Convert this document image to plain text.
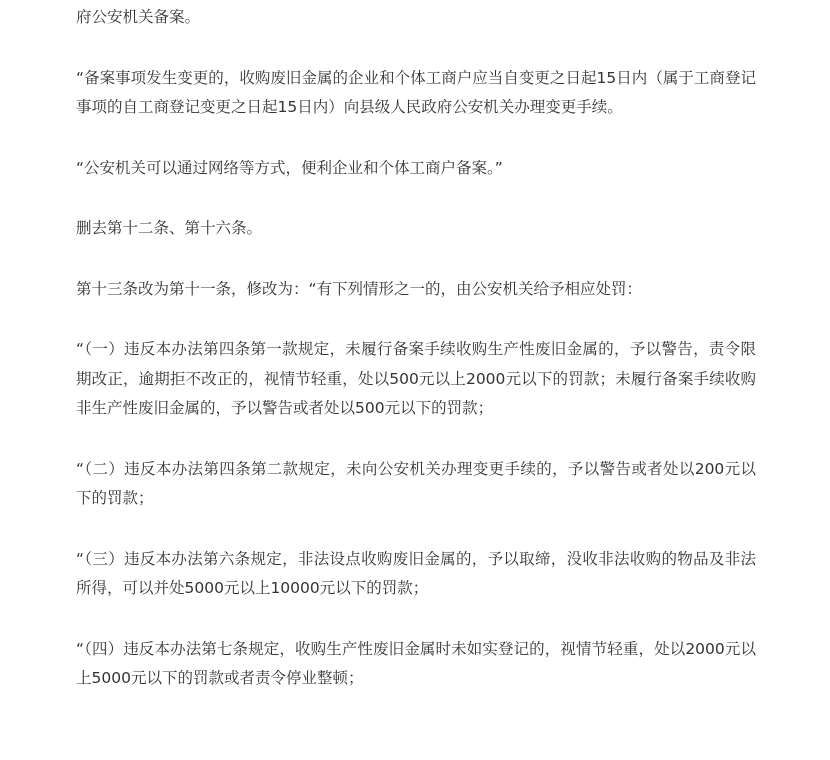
府公安机关备案。

“备案事项发生变更的，收购废旧金属的企业和个体工商户应当自变更之日起15日内（属于工商登记事项的自工商登记变更之日起15日内）向县级人民政府公安机关办理变更手续。

“公安机关可以通过网络等方式，便利企业和个体工商户备案。”

删去第十二条、第十六条。

第十三条改为第十一条，修改为：“有下列情形之一的，由公安机关给予相应处罚：

“（一）违反本办法第四条第一款规定，未履行备案手续收购生产性废旧金属的，予以警告，责令限期改正，逾期拒不改正的，视情节轻重，处以500元以上2000元以下的罚款；未履行备案手续收购非生产性废旧金属的，予以警告或者处以500元以下的罚款；

“（二）违反本办法第四条第二款规定，未向公安机关办理变更手续的，予以警告或者处以200元以下的罚款；

“（三）违反本办法第六条规定，非法设点收购废旧金属的，予以取缔，没收非法收购的物品及非法所得，可以并处5000元以上10000元以下的罚款；

“（四）违反本办法第七条规定，收购生产性废旧金属时未如实登记的，视情节轻重，处以2000元以上5000元以下的罚款或者责令停业整顿；
